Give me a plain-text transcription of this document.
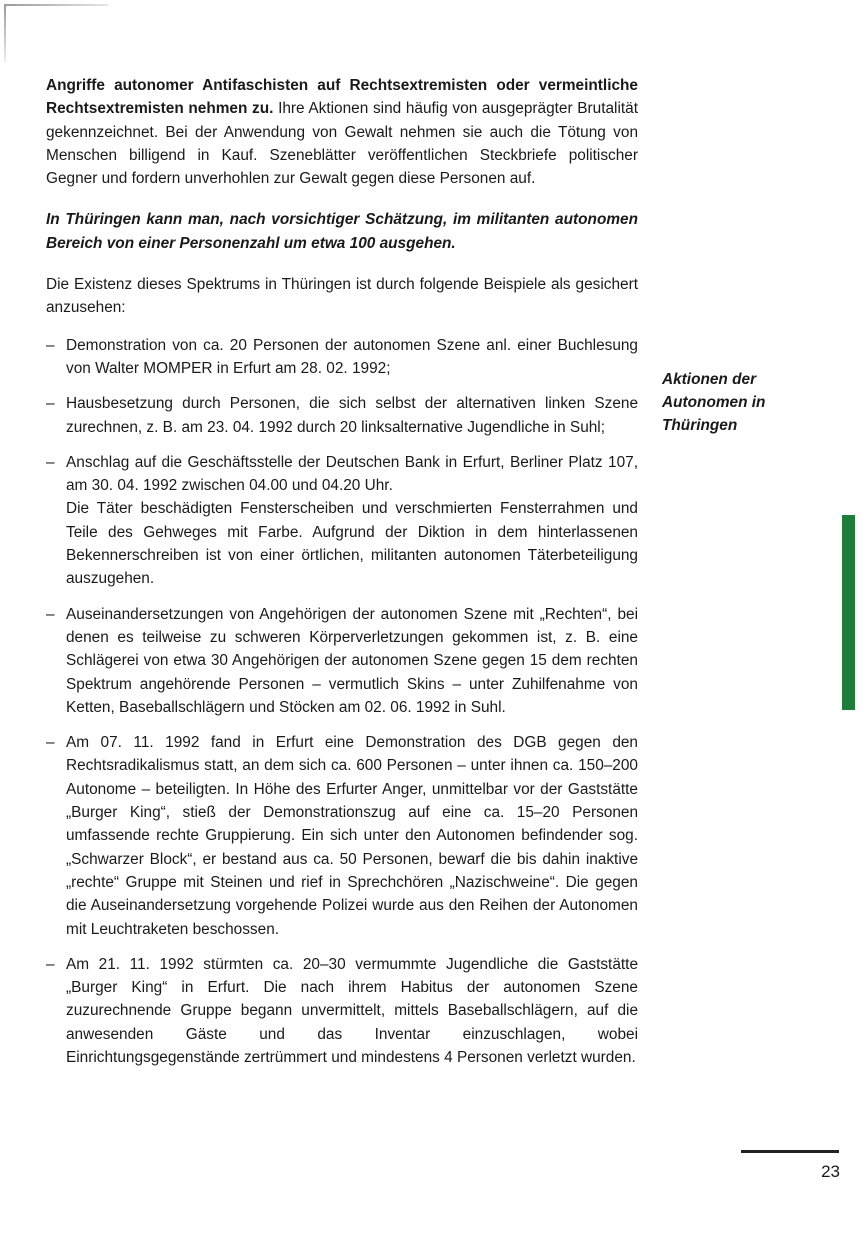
Angriffe autonomer Antifaschisten auf Rechtsextremisten oder vermeintliche Rechtsextremisten nehmen zu. Ihre Aktionen sind häufig von ausgeprägter Brutalität gekennzeichnet. Bei der Anwendung von Gewalt nehmen sie auch die Tötung von Menschen billigend in Kauf. Szeneblätter veröffentlichen Steckbriefe politischer Gegner und fordern unverhohlen zur Gewalt gegen diese Personen auf.

In Thüringen kann man, nach vorsichtiger Schätzung, im militanten autonomen Bereich von einer Personenzahl um etwa 100 ausgehen.

Die Existenz dieses Spektrums in Thüringen ist durch folgende Beispiele als gesichert anzusehen:

– Demonstration von ca. 20 Personen der autonomen Szene anl. einer Buchlesung von Walter MOMPER in Erfurt am 28. 02. 1992;

– Hausbesetzung durch Personen, die sich selbst der alternativen linken Szene zurechnen, z. B. am 23. 04. 1992 durch 20 linksalternative Jugendliche in Suhl;

– Anschlag auf die Geschäftsstelle der Deutschen Bank in Erfurt, Berliner Platz 107, am 30. 04. 1992 zwischen 04.00 und 04.20 Uhr.

Die Täter beschädigten Fensterscheiben und verschmierten Fensterrahmen und Teile des Gehweges mit Farbe. Aufgrund der Diktion in dem hinterlassenen Bekennerschreiben ist von einer örtlichen, militanten autonomen Täterbeteiligung auszugehen.

– Auseinandersetzungen von Angehörigen der autonomen Szene mit „Rechten“, bei denen es teilweise zu schweren Körperverletzungen gekommen ist, z. B. eine Schlägerei von etwa 30 Angehörigen der autonomen Szene gegen 15 dem rechten Spektrum angehörende Personen – vermutlich Skins – unter Zuhilfenahme von Ketten, Baseballschlägern und Stöcken am 02. 06. 1992 in Suhl.

– Am 07. 11. 1992 fand in Erfurt eine Demonstration des DGB gegen den Rechtsradikalismus statt, an dem sich ca. 600 Personen – unter ihnen ca. 150–200 Autonome – beteiligten. In Höhe des Erfurter Anger, unmittelbar vor der Gaststätte „Burger King“, stieß der Demonstrationszug auf eine ca. 15–20 Personen umfassende rechte Gruppierung. Ein sich unter den Autonomen befindender sog. „Schwarzer Block“, er bestand aus ca. 50 Personen, bewarf die bis dahin inaktive „rechte“ Gruppe mit Steinen und rief in Sprechchören „Nazischweine“. Die gegen die Auseinandersetzung vorgehende Polizei wurde aus den Reihen der Autonomen mit Leuchtraketen beschossen.

– Am 21. 11. 1992 stürmten ca. 20–30 vermummte Jugendliche die Gaststätte „Burger King“ in Erfurt. Die nach ihrem Habitus der autonomen Szene zuzurechnende Gruppe begann unvermittelt, mittels Baseballschlägern, auf die anwesenden Gäste und das Inventar einzuschlagen, wobei Einrichtungsgegenstände zertrümmert und mindestens 4 Personen verletzt wurden.

Aktionen der Autonomen in Thüringen
23
